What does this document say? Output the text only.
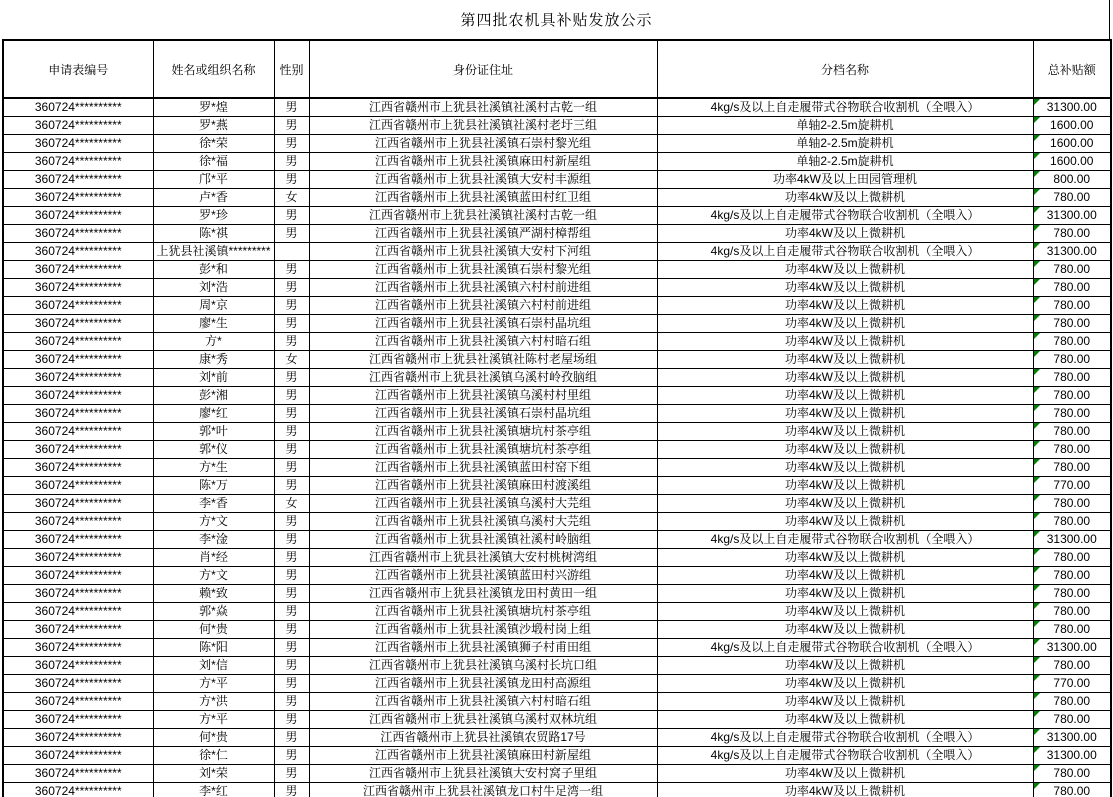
第四批农机具补贴发放公示
申请表编号	姓名或组织名称	性别	身份证住址	分档名称	总补贴额
360724**********	罗*煌	男	江西省赣州市上犹县社溪镇社溪村古乾一组	4kg/s及以上自走履带式谷物联合收割机（全喂入）	31300.00
360724**********	罗*燕	男	江西省赣州市上犹县社溪镇社溪村老圩三组	单轴2-2.5m旋耕机	1600.00
360724**********	徐*荣	男	江西省赣州市上犹县社溪镇石崇村黎光组	单轴2-2.5m旋耕机	1600.00
360724**********	徐*福	男	江西省赣州市上犹县社溪镇麻田村新屋组	单轴2-2.5m旋耕机	1600.00
360724**********	邝*平	男	江西省赣州市上犹县社溪镇大安村丰源组	功率4kW及以上田园管理机	800.00
360724**********	卢*香	女	江西省赣州市上犹县社溪镇蓝田村红卫组	功率4kW及以上微耕机	780.00
360724**********	罗*珍	男	江西省赣州市上犹县社溪镇社溪村古乾一组	4kg/s及以上自走履带式谷物联合收割机（全喂入）	31300.00
360724**********	陈*祺	男	江西省赣州市上犹县社溪镇严湖村樟帮组	功率4kW及以上微耕机	780.00
360724**********	上犹县社溪镇*********		江西省赣州市上犹县社溪镇大安村下河组	4kg/s及以上自走履带式谷物联合收割机（全喂入）	31300.00
360724**********	彭*和	男	江西省赣州市上犹县社溪镇石崇村黎光组	功率4kW及以上微耕机	780.00
360724**********	刘*浩	男	江西省赣州市上犹县社溪镇六村村前进组	功率4kW及以上微耕机	780.00
360724**********	周*京	男	江西省赣州市上犹县社溪镇六村村前进组	功率4kW及以上微耕机	780.00
360724**********	廖*生	男	江西省赣州市上犹县社溪镇石崇村晶坑组	功率4kW及以上微耕机	780.00
360724**********	方*	男	江西省赣州市上犹县社溪镇六村村暗石组	功率4kW及以上微耕机	780.00
360724**********	康*秀	女	江西省赣州市上犹县社溪镇社陈村老屋场组	功率4kW及以上微耕机	780.00
360724**********	刘*前	男	江西省赣州市上犹县社溪镇乌溪村岭孜脑组	功率4kW及以上微耕机	780.00
360724**********	彭*湘	男	江西省赣州市上犹县社溪镇乌溪村村里组	功率4kW及以上微耕机	780.00
360724**********	廖*红	男	江西省赣州市上犹县社溪镇石崇村晶坑组	功率4kW及以上微耕机	780.00
360724**********	郭*叶	男	江西省赣州市上犹县社溪镇塘坑村茶亭组	功率4kW及以上微耕机	780.00
360724**********	郭*仪	男	江西省赣州市上犹县社溪镇塘坑村茶亭组	功率4kW及以上微耕机	780.00
360724**********	方*生	男	江西省赣州市上犹县社溪镇蓝田村窑下组	功率4kW及以上微耕机	780.00
360724**********	陈*万	男	江西省赣州市上犹县社溪镇麻田村渡溪组	功率4kW及以上微耕机	770.00
360724**********	李*香	女	江西省赣州市上犹县社溪镇乌溪村大芫组	功率4kW及以上微耕机	780.00
360724**********	方*文	男	江西省赣州市上犹县社溪镇乌溪村大芫组	功率4kW及以上微耕机	780.00
360724**********	李*淦	男	江西省赣州市上犹县社溪镇社溪村岭脑组	4kg/s及以上自走履带式谷物联合收割机（全喂入）	31300.00
360724**********	肖*经	男	江西省赣州市上犹县社溪镇大安村桃树湾组	功率4kW及以上微耕机	780.00
360724**********	方*文	男	江西省赣州市上犹县社溪镇蓝田村兴游组	功率4kW及以上微耕机	780.00
360724**********	赖*致	男	江西省赣州市上犹县社溪镇龙田村黄田一组	功率4kW及以上微耕机	780.00
360724**********	郭*焱	男	江西省赣州市上犹县社溪镇塘坑村茶亭组	功率4kW及以上微耕机	780.00
360724**********	何*贵	男	江西省赣州市上犹县社溪镇沙塅村岗上组	功率4kW及以上微耕机	780.00
360724**********	陈*阳	男	江西省赣州市上犹县社溪镇狮子村甫田组	4kg/s及以上自走履带式谷物联合收割机（全喂入）	31300.00
360724**********	刘*信	男	江西省赣州市上犹县社溪镇乌溪村长坑口组	功率4kW及以上微耕机	780.00
360724**********	方*平	男	江西省赣州市上犹县社溪镇龙田村高源组	功率4kW及以上微耕机	770.00
360724**********	方*洪	男	江西省赣州市上犹县社溪镇六村村暗石组	功率4kW及以上微耕机	780.00
360724**********	方*平	男	江西省赣州市上犹县社溪镇乌溪村双林坑组	功率4kW及以上微耕机	780.00
360724**********	何*贵	男	江西省赣州市上犹县社溪镇农贸路17号	4kg/s及以上自走履带式谷物联合收割机（全喂入）	31300.00
360724**********	徐*仁	男	江西省赣州市上犹县社溪镇麻田村新屋组	4kg/s及以上自走履带式谷物联合收割机（全喂入）	31300.00
360724**********	刘*荣	男	江西省赣州市上犹县社溪镇大安村窝子里组	功率4kW及以上微耕机	780.00
360724**********	李*红	男	江西省赣州市上犹县社溪镇龙口村牛足湾一组	功率4kW及以上微耕机	780.00
